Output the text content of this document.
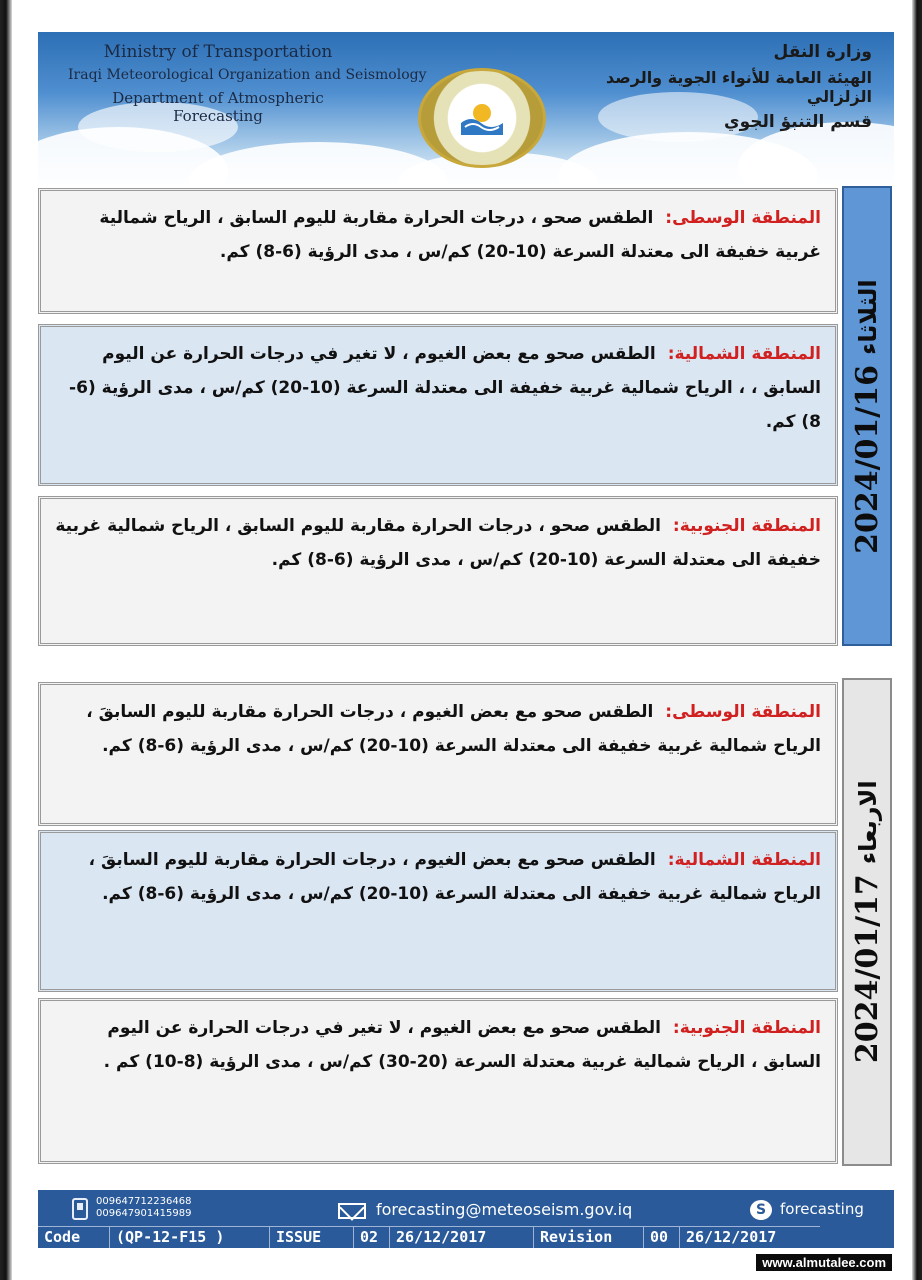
Ministry of Transportation
Iraqi Meteorological Organization and Seismology
Department of Atmospheric Forecasting
وزارة النقل
الهيئة العامة للأنواء الجوية والرصد الزلزالي
قسم التنبؤ الجوي
المنطقة الوسطى: الطقس صحو ، درجات الحرارة مقاربة لليوم السابق ، الرياح شمالية غربية خفيفة الى معتدلة السرعة (10-20) كم/س ، مدى الرؤية (6-8) كم.
المنطقة الشمالية: الطقس صحو مع بعض الغيوم ، لا تغير في درجات الحرارة عن اليوم السابق ، ، الرياح شمالية غربية خفيفة الى معتدلة السرعة (10-20) كم/س ، مدى الرؤية (6-8) كم.
المنطقة الجنوبية: الطقس صحو ، درجات الحرارة مقاربة لليوم السابق ، الرياح شمالية غربية خفيفة الى معتدلة السرعة (10-20) كم/س ، مدى الرؤية (6-8) كم.
2024/01/16 الثلاثاء
المنطقة الوسطى: الطقس صحو مع بعض الغيوم ، درجات الحرارة مقاربة لليوم السابقَ ، الرياح شمالية غربية خفيفة الى معتدلة السرعة (10-20) كم/س ، مدى الرؤية (6-8) كم.
المنطقة الشمالية: الطقس صحو مع بعض الغيوم ، درجات الحرارة مقاربة لليوم السابقَ ، الرياح شمالية غربية خفيفة الى معتدلة السرعة (10-20) كم/س ، مدى الرؤية (6-8) كم.
المنطقة الجنوبية: الطقس صحو مع بعض الغيوم ، لا تغير في درجات الحرارة عن اليوم السابق ، الرياح شمالية غربية معتدلة السرعة (20-30) كم/س ، مدى الرؤية (8-10) كم . 2024/01/17 الاربعاء
009647712236468
009647901415989	forecasting@meteoseism.gov.iq	S forecasting
Code	(QP-12-F15 )	ISSUE	02	26/12/2017	Revision	00	26/12/2017
www.almutalee.com
